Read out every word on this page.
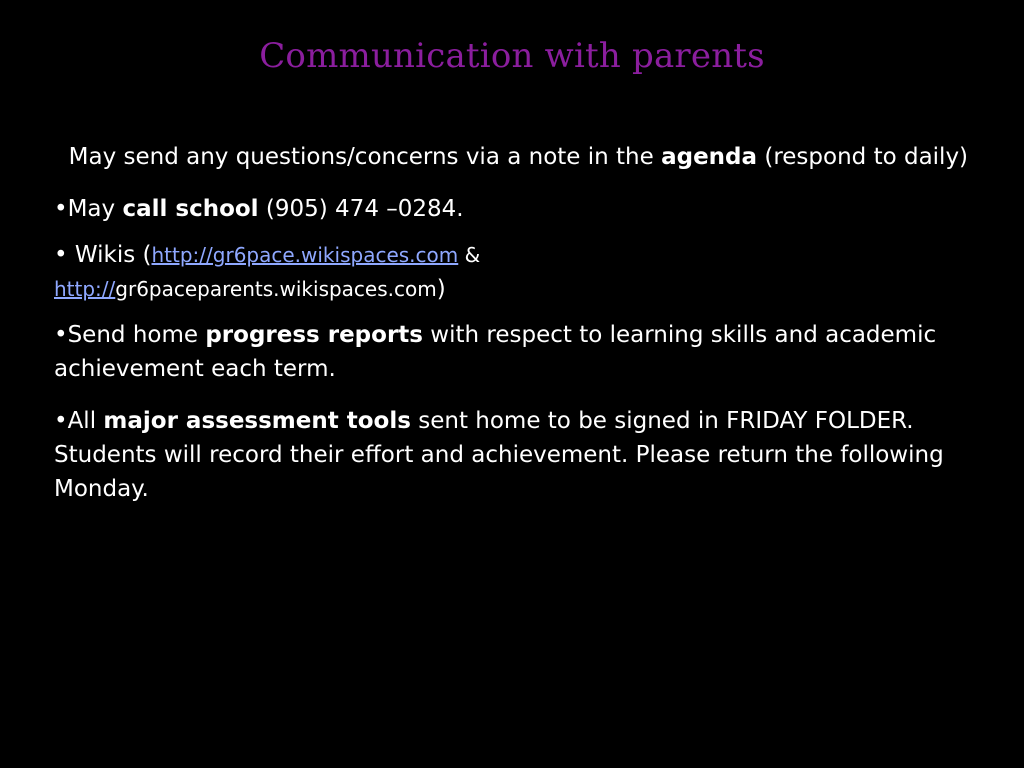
Communication with parents

May send any questions/concerns via a note in the agenda (respond to daily)

•May call school (905) 474 –0284.

• Wikis (http://gr6pace.wikispaces.com &
http://gr6paceparents.wikispaces.com)

•Send home progress reports with respect to learning skills and academic achievement each term.

•All major assessment tools sent home to be signed in FRIDAY FOLDER. Students will record their effort and achievement. Please return the following Monday.
